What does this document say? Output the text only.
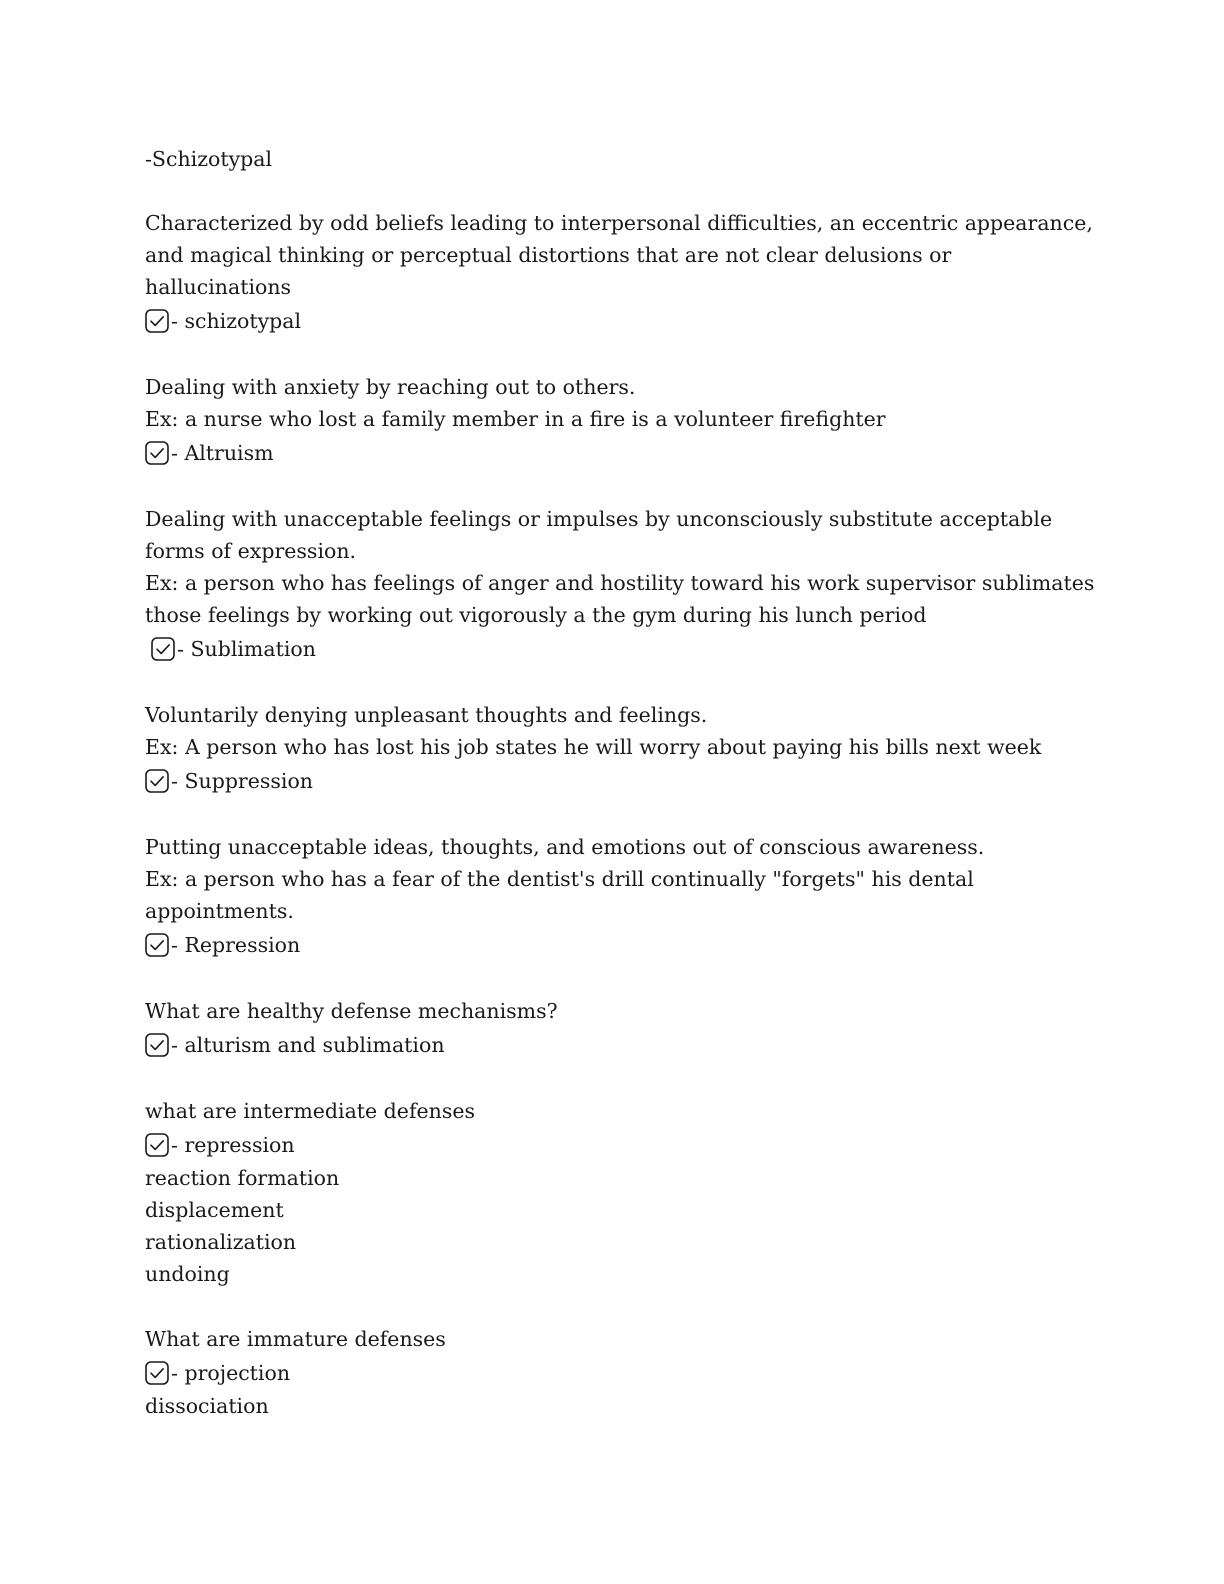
-Schizotypal
Characterized by odd beliefs leading to interpersonal difficulties, an eccentric appearance,
and magical thinking or perceptual distortions that are not clear delusions or
hallucinations
- schizotypal
Dealing with anxiety by reaching out to others.
Ex: a nurse who lost a family member in a fire is a volunteer firefighter
- Altruism
Dealing with unacceptable feelings or impulses by unconsciously substitute acceptable
forms of expression.
Ex: a person who has feelings of anger and hostility toward his work supervisor sublimates
those feelings by working out vigorously a the gym during his lunch period
- Sublimation
Voluntarily denying unpleasant thoughts and feelings.
Ex: A person who has lost his job states he will worry about paying his bills next week
- Suppression
Putting unacceptable ideas, thoughts, and emotions out of conscious awareness.
Ex: a person who has a fear of the dentist's drill continually "forgets" his dental
appointments.
- Repression
What are healthy defense mechanisms?
- alturism and sublimation
what are intermediate defenses
- repression
reaction formation
displacement
rationalization
undoing
What are immature defenses
- projection
dissociation
